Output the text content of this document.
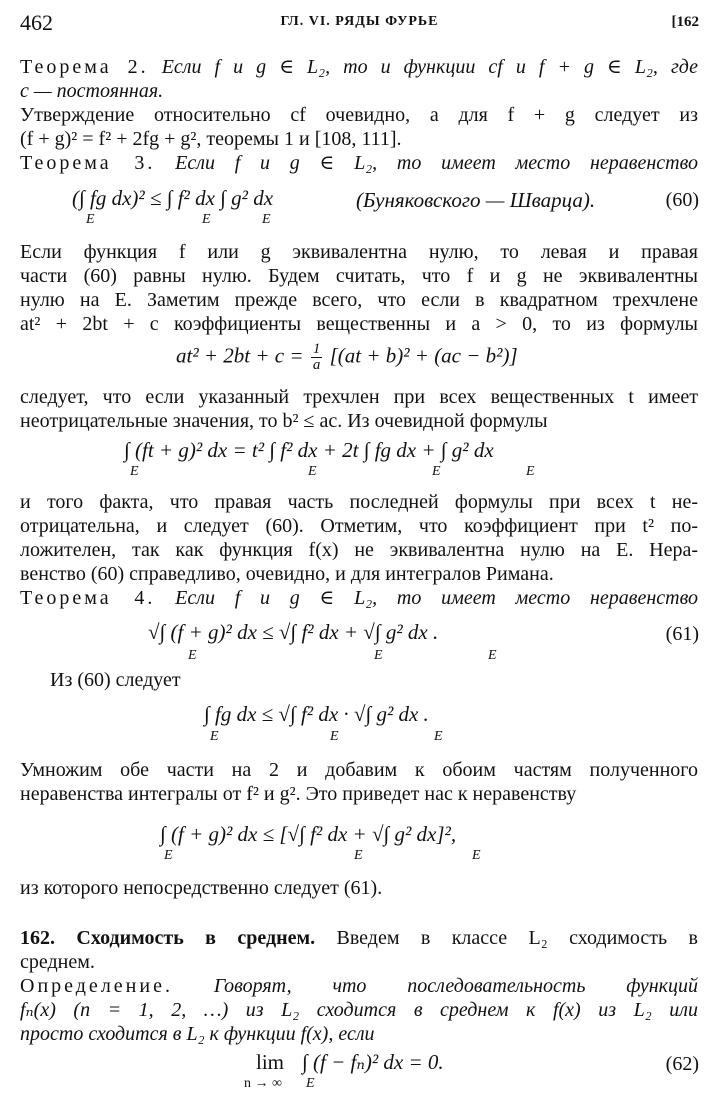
462	ГЛ. VI. РЯДЫ ФУРЬЕ	[162
Теорема 2. Если f и g ∈ L₂, то и функции cf и f + g ∈ L₂, где
c — постоянная.
Утверждение относительно cf очевидно, а для f + g следует из
(f + g)² = f² + 2fg + g², теоремы 1 и [108, 111].
Теорема 3. Если f и g ∈ L₂, то имеет место неравенство
(∫ fg dx)² ≤ ∫ f² dx ∫ g² dx
E	E	E
(Буняковского — Шварца).	(60)
Если функция f или g эквивалентна нулю, то левая и правая
части (60) равны нулю. Будем считать, что f и g не эквивалентны
нулю на E. Заметим прежде всего, что если в квадратном трехчлене
at² + 2bt + c коэффициенты вещественны и a > 0, то из формулы
$at^2 + 2bt + c = \frac{1}{a} [(at + b)^2 + (ac - b^2)]$
следует, что если указанный трехчлен при всех вещественных t имеет
неотрицательные значения, то b² ≤ ac. Из очевидной формулы
∫ (ft + g)² dx = t² ∫ f² dx + 2t ∫ fg dx + ∫ g² dx
E	E	E	E
и того факта, что правая часть последней формулы при всех t не-
отрицательна, и следует (60). Отметим, что коэффициент при t² по-
ложителен, так как функция f(x) не эквивалентна нулю на E. Нера-
венство (60) справедливо, очевидно, и для интегралов Римана.
Теорема 4. Если f и g ∈ L₂, то имеет место неравенство
√∫ (f + g)² dx ≤ √∫ f² dx + √∫ g² dx .
E	E	E
(61)
Из (60) следует
∫ fg dx ≤ √∫ f² dx · √∫ g² dx .
E	E	E
Умножим обе части на 2 и добавим к обоим частям полученного
неравенства интегралы от f² и g². Это приведет нас к неравенству
∫ (f + g)² dx ≤ [√∫ f² dx + √∫ g² dx]²,
E	E	E
из которого непосредственно следует (61).
162. Сходимость в среднем. Введем в классе L₂ сходимость в
среднем.
Определение. Говорят, что последовательность функций
fₙ(x) (n = 1, 2, …) из L₂ сходится в среднем к f(x) из L₂ или
просто сходится в L₂ к функции f(x), если
lim
n → ∞
∫ (f − fₙ)² dx = 0.
E
(62)
